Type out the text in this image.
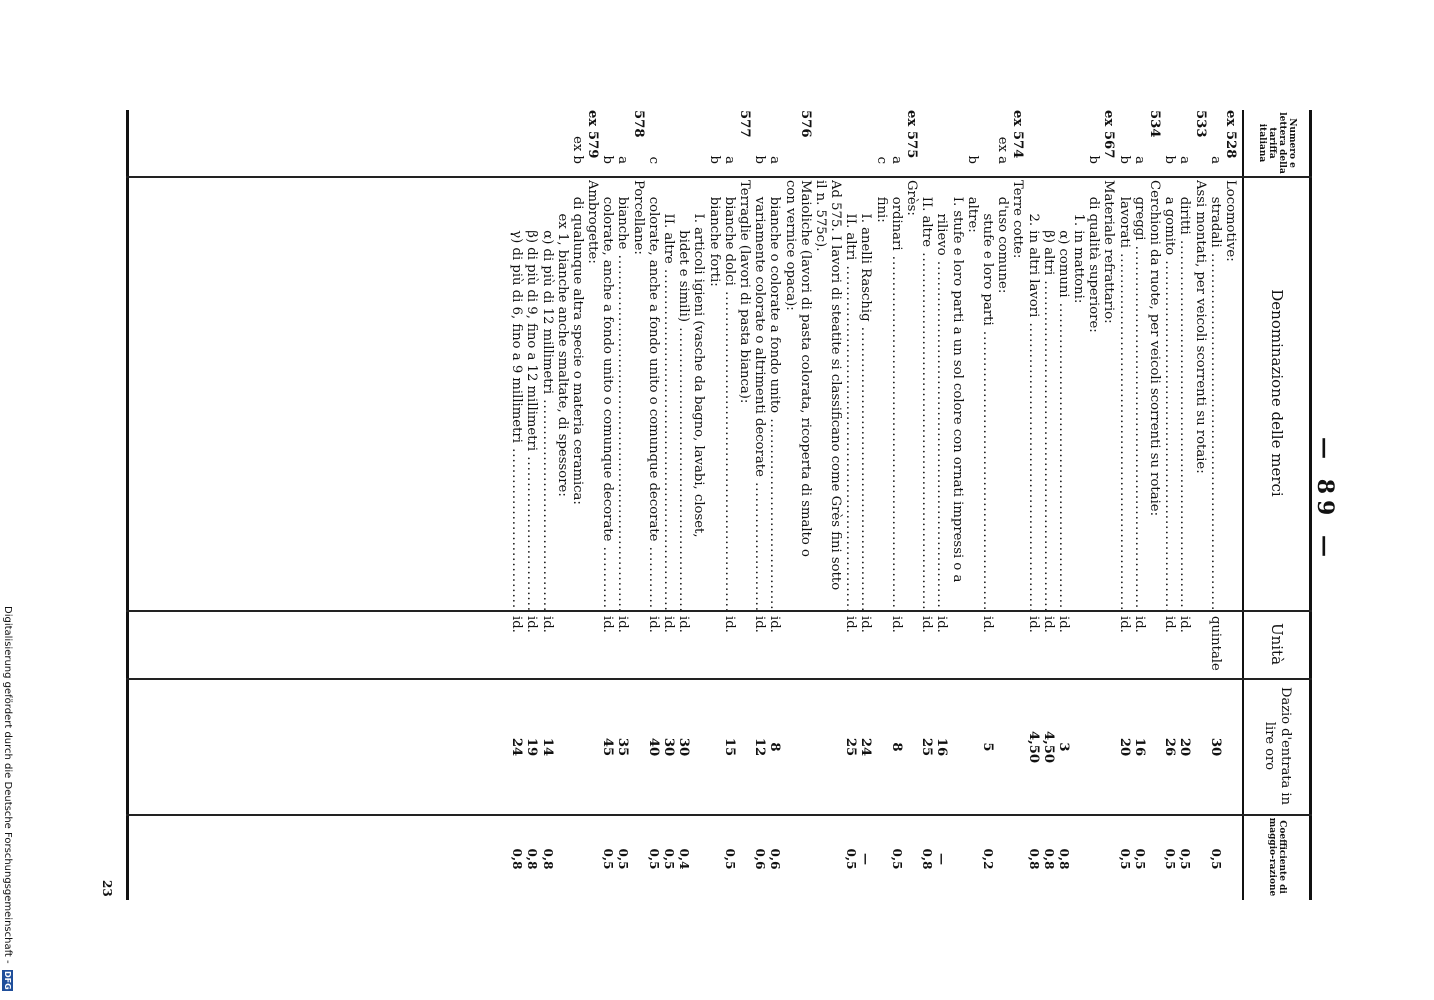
Digitalisierung gefördert durch die Deutsche Forschungsgemeinschaft - DFG
— 89 —
Numero e lettera della tariffa italiana
Denominazione delle merci
Unità
Dazio d'entrata in lire oro
Coefficiente di maggio-razione
ex 528
Locomotive:
a
stradali .....
quintale
30
0,5
533
Assi montati, per veicoli scorrenti su rotaie:
a
diritti .....
id.
20
0,5
b
a gomito .....
id.
26
0,5
534
Cerchioni da ruote, per veicoli scorrenti su rotaie:
a
greggi .....
id.
16
0,5
b
lavorati .....
id.
20
0,5
ex 567
Materiale refrattario:
b
di qualità superiore:
1. in mattoni:
α) comuni .....
id.
3
0,8
β) altri .....
id.
4,50
0,8
2. in altri lavori .....
id.
4,50
0,8
ex 574
Terre cotte:
ex a
d'uso comune:
stufe e loro parti .....
id.
5
0,2
b
altre:
I. stufe e loro parti a un sol colore con ornati impressi o a
rilievo .....
id.
16
—
II. altre .....
id.
25
0,8
ex 575
Grès:
a
ordinari .....
id.
8
0,5
c
fini:
I. anelli Raschig .....
id.
24
—
II. altri .....
id.
25
0,5
Ad 575. I lavori di steatite si classificano come Grès fini sotto
il n. 575c).
576
Maioliche (lavori di pasta colorata, ricoperta di smalto o
con vernice opaca):
a
bianche o colorate a fondo unito .....
id.
8
0,6
b
variamente colorate o altrimenti decorate .....
id.
12
0,6
577
Terraglie (lavori di pasta bianca):
a
bianche dolci .....
id.
15
0,5
b
bianche forti:
I. articoli igieni (vasche da bagno, lavabi, closet,
bidet e simili) .....
id.
30
0,4
II. altre .....
id.
30
0,5
c
colorate, anche a fondo unito o comunque decorate .....
id.
40
0,5
578
Porcellane:
a
bianche .....
id.
35
0,5
b
colorate, anche a fondo unito o comunque decorate .....
id.
45
0,5
ex 579
Ambrogette:
ex b
di qualunque altra specie o materia ceramica:
ex 1, bianche anche smaltate, di spessore:
α) di più di 12 millimetri .....
id.
14
0,8
β) di più di 9, fino a 12 millimetri .....
id.
19
0,8
γ) di più di 6, fino a 9 millimetri .....
id.
24
0,8
23
